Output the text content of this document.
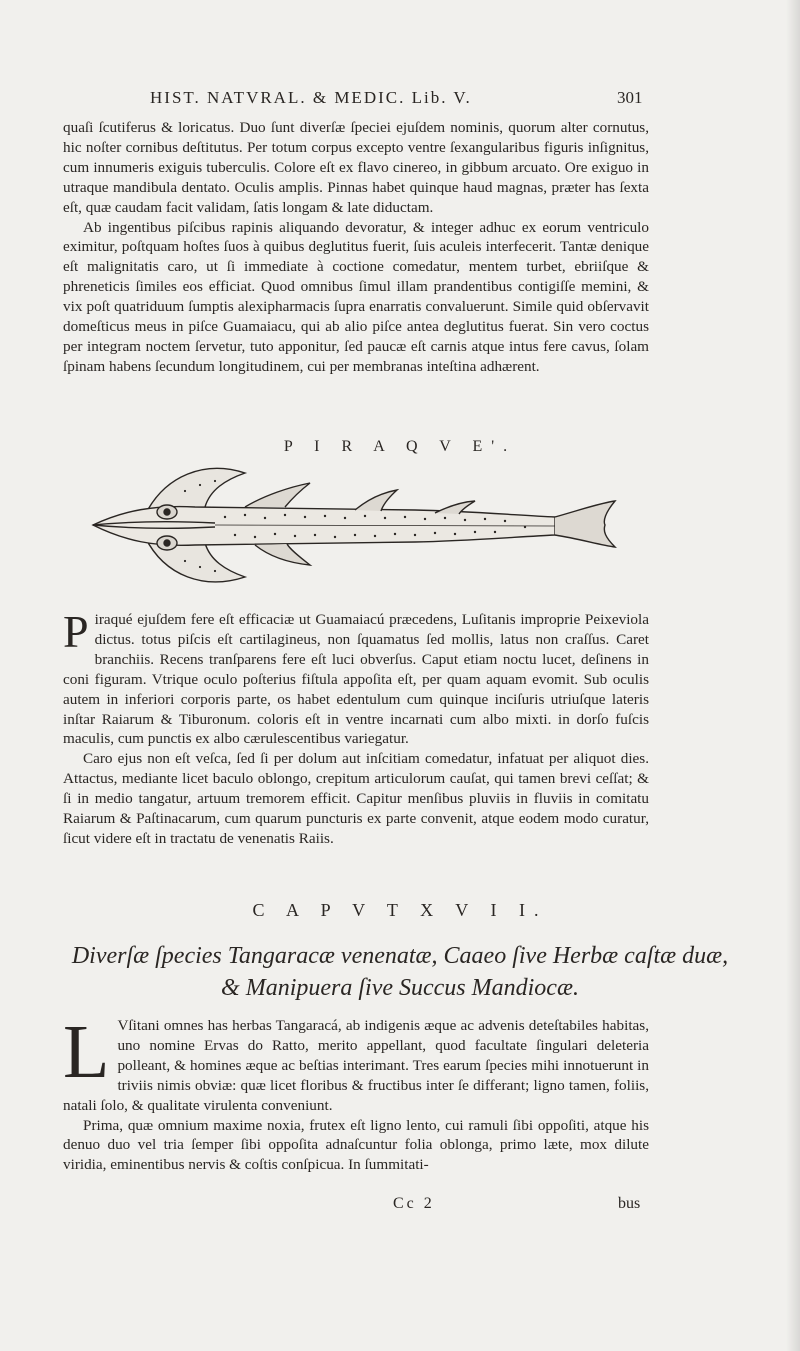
HIST. NATVRAL. & MEDIC. Lib. V.	301

quaſi ſcutiferus & loricatus. Duo ſunt diverſæ ſpeciei ejuſdem nominis, quorum alter cornutus, hic noſter cornibus deſtitutus. Per totum corpus excepto ventre ſexangularibus figuris inſignitus, cum innumeris exiguis tuberculis. Colore eſt ex flavo cinereo, in gibbum arcuato. Ore exiguo in utraque mandibula dentato. Oculis amplis. Pinnas habet quinque haud magnas, præter has ſexta eſt, quæ caudam facit validam, ſatis longam & late diductam.

Ab ingentibus piſcibus rapinis aliquando devoratur, & integer adhuc ex eorum ventriculo eximitur, poſtquam hoſtes ſuos à quibus deglutitus fuerit, ſuis aculeis interfecerit. Tantæ denique eſt malignitatis caro, ut ſi immediate à coctione comedatur, mentem turbet, ebriiſque & phreneticis ſimiles eos efficiat. Quod omnibus ſimul illam prandentibus contigiſſe memini, & vix poſt quatriduum ſumptis alexipharmacis ſupra enarratis convaluerunt. Simile quid obſervavit domeſticus meus in piſce Guamaiacu, qui ab alio piſce antea deglutitus fuerat. Sin vero coctus per integram noctem ſervetur, tuto apponitur, ſed paucæ eſt carnis atque intus fere cavus, ſolam ſpinam habens ſecundum longitudinem, cui per membranas inteſtina adhærent.

P I R A Q V E'.

Piraqué ejuſdem fere eſt efficaciæ ut Guamaiacú præcedens, Luſitanis improprie Peixeviola dictus. totus piſcis eſt cartilagineus, non ſquamatus ſed mollis, latus non craſſus. Caret branchiis. Recens tranſparens fere eſt luci obverſus. Caput etiam noctu lucet, deſinens in coni figuram. Vtrique oculo poſterius fiſtula appoſita eſt, per quam aquam evomit. Sub oculis autem in inferiori corporis parte, os habet edentulum cum quinque inciſuris utriuſque lateris inſtar Raiarum & Tiburonum. coloris eſt in ventre incarnati cum albo mixti. in dorſo fuſcis maculis, cum punctis ex albo cærulescentibus variegatur.

Caro ejus non eſt veſca, ſed ſi per dolum aut inſcitiam comedatur, infatuat per aliquot dies. Attactus, mediante licet baculo oblongo, crepitum articulorum cauſat, qui tamen brevi ceſſat; & ſi in medio tangatur, artuum tremorem efficit. Capitur menſibus pluviis in fluviis in comitatu Raiarum & Paſtinacarum, cum quarum puncturis ex parte convenit, atque eodem modo curatur, ſicut videre eſt in tractatu de venenatis Raiis.

C A P V T X V I I.
Diverſæ ſpecies Tangaracæ venenatæ, Caaeo ſive Herbæ caſtæ duæ,
& Manipuera ſive Succus Mandiocæ.

L Vſitani omnes has herbas Tangaracá, ab indigenis æque ac advenis deteſtabiles habitas, uno nomine Ervas do Ratto, merito appellant, quod facultate ſingulari deleteria polleant, & homines æque ac beſtias interimant. Tres earum ſpecies mihi innotuerunt in triviis nimis obviæ: quæ licet floribus & fructibus inter ſe differant; ligno tamen, foliis, natali ſolo, & qualitate virulenta conveniunt.

Prima, quæ omnium maxime noxia, frutex eſt ligno lento, cui ramuli ſibi oppoſiti, atque his denuo duo vel tria ſemper ſibi oppoſita adnaſcuntur folia oblonga, primo læte, mox dilute viridia, eminentibus nervis & coſtis conſpicua. In ſummitati-

Cc 2	bus
